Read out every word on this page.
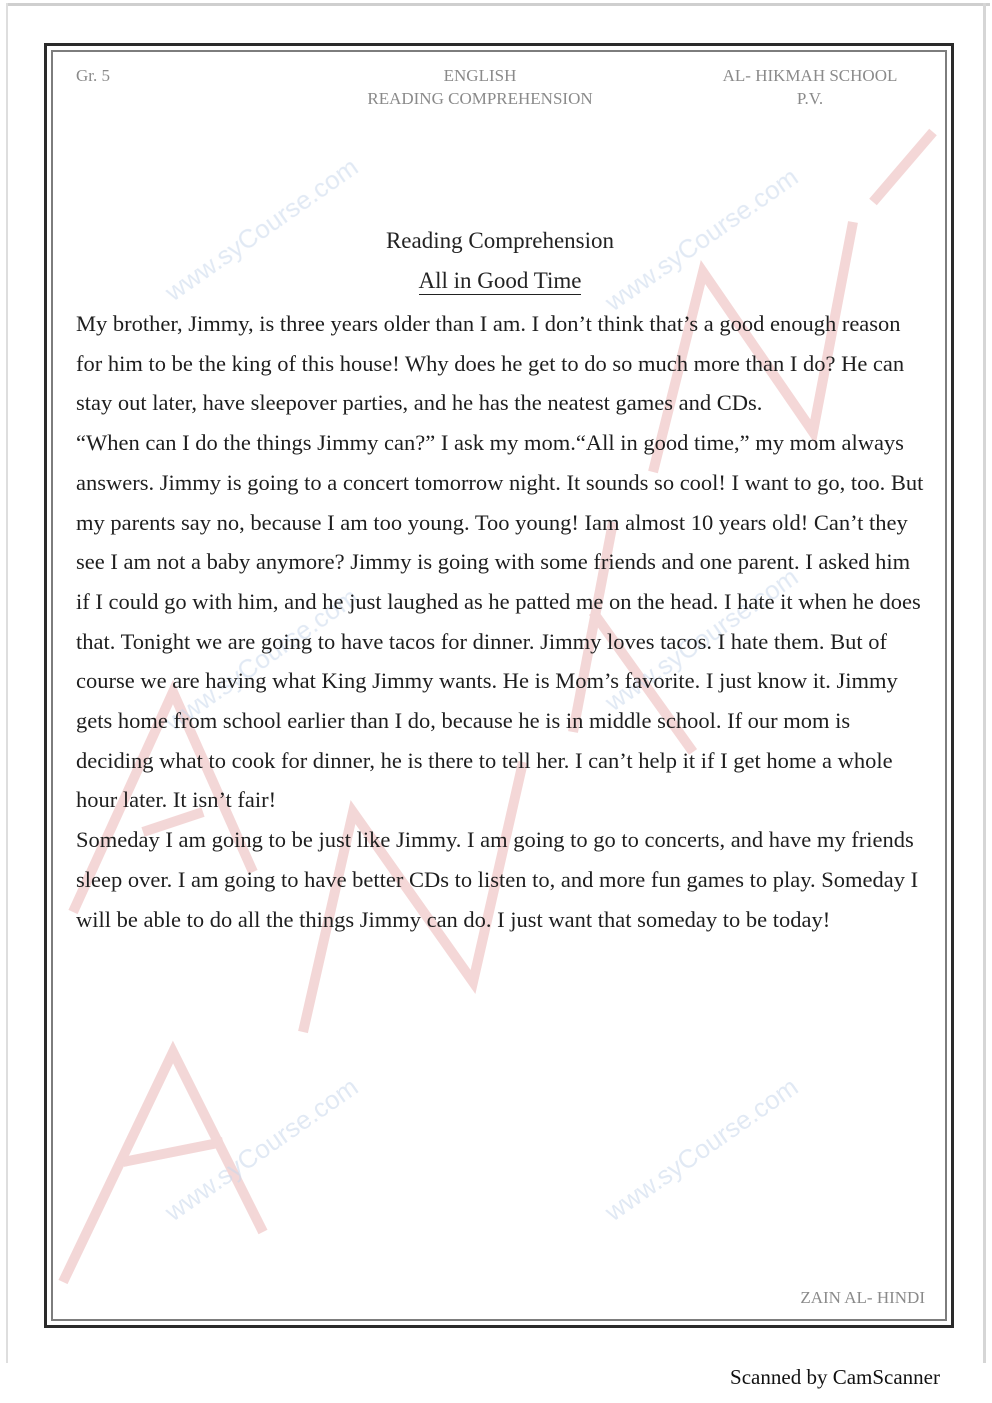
www.syCourse.com	www.syCourse.com
www.syCourse.com	www.syCourse.com
www.syCourse.com	www.syCourse.com
Gr. 5	ENGLISH
READING COMPREHENSION
AL- HIKMAH SCHOOL
P.V.
Reading Comprehension
All in Good Time

My brother, Jimmy, is three years older than I am. I don’t think that’s a good enough reason for him to be the king of this house! Why does he get to do so much more than I do? He can stay out later, have sleepover parties, and he has the neatest games and CDs.

“When can I do the things Jimmy can?” I ask my mom.“All in good time,” my mom always answers. Jimmy is going to a concert tomorrow night. It sounds so cool! I want to go, too. But my parents say no, because I am too young. Too young! Iam almost 10 years old! Can’t they see I am not a baby anymore? Jimmy is going with some friends and one parent. I asked him if I could go with him, and he just laughed as he patted me on the head. I hate it when he does that. Tonight we are going to have tacos for dinner. Jimmy loves tacos. I hate them. But of course we are having what King Jimmy wants. He is Mom’s favorite. I just know it. Jimmy gets home from school earlier than I do, because he is in middle school. If our mom is deciding what to cook for dinner, he is there to tell her. I can’t help it if I get home a whole hour later. It isn’t fair!

Someday I am going to be just like Jimmy. I am going to go to concerts, and have my friends sleep over. I am going to have better CDs to listen to, and more fun games to play. Someday I will be able to do all the things Jimmy can do. I just want that someday to be today!

ZAIN AL- HINDI
Scanned by CamScanner
